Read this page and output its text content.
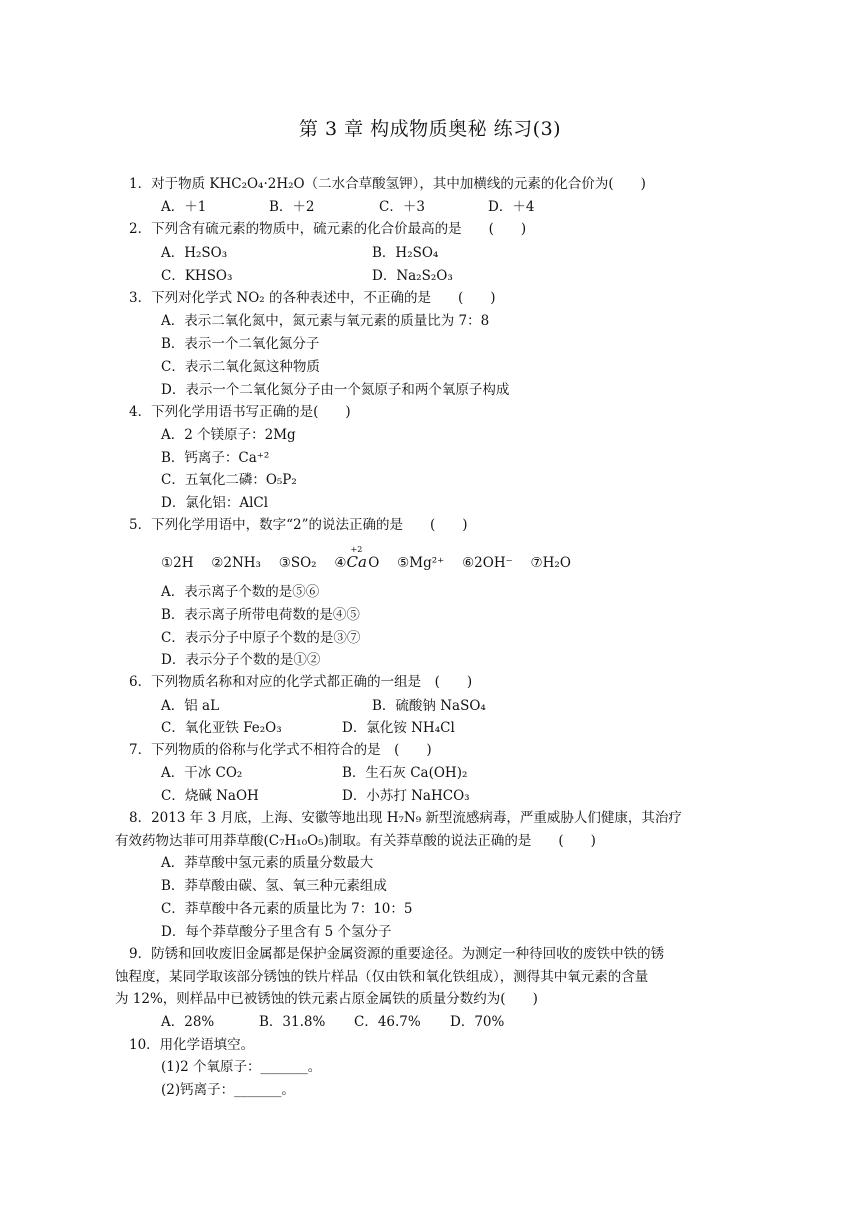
第 3 章 构成物质奥秘 练习(3)
1．对于物质 KHC₂O₄·2H₂O（二水合草酸氢钾），其中加横线的元素的化合价为(　　)
A．＋1	B．＋2	C．＋3	D．＋4
2．下列含有硫元素的物质中，硫元素的化合价最高的是　　(　　)
A．H₂SO₃	B．H₂SO₄
C．KHSO₃	D．Na₂S₂O₃
3．下列对化学式 NO₂ 的各种表述中，不正确的是　　(　　)
A．表示二氧化氮中，氮元素与氧元素的质量比为 7：8
B．表示一个二氧化氮分子
C．表示二氧化氮这种物质
D．表示一个二氧化氮分子由一个氮原子和两个氧原子构成
4．下列化学用语书写正确的是(　　)
A．2 个镁原子：2Mg
B．钙离子：Ca⁺²
C．五氧化二磷：O₅P₂
D．氯化铝：AlCl
5．下列化学用语中，数字“2”的说法正确的是　　(　　)
①2H  ②2NH₃  ③SO₂  ④
+2
Ca O  ⑤Mg²⁺  ⑥2OH⁻  ⑦H₂O
A．表示离子个数的是⑤⑥
B．表示离子所带电荷数的是④⑤
C．表示分子中原子个数的是③⑦
D．表示分子个数的是①②
6．下列物质名称和对应的化学式都正确的一组是　(　　)
A．铝 aL	B．硫酸钠 NaSO₄
C．氧化亚铁 Fe₂O₃	D．氯化铵 NH₄Cl
7．下列物质的俗称与化学式不相符合的是　(　　)
A．干冰 CO₂	B．生石灰 Ca(OH)₂
C．烧碱 NaOH	D．小苏打 NaHCO₃
8．2013 年 3 月底，上海、安徽等地出现 H₇N₉ 新型流感病毒，严重威胁人们健康，其治疗
有效药物达菲可用莽草酸(C₇H₁₀O₅)制取。有关莽草酸的说法正确的是　　(　　)
A．莽草酸中氢元素的质量分数最大
B．莽草酸由碳、氢、氧三种元素组成
C．莽草酸中各元素的质量比为 7：10：5
D．每个莽草酸分子里含有 5 个氢分子
9．防锈和回收废旧金属都是保护金属资源的重要途径。为测定一种待回收的废铁中铁的锈
蚀程度，某同学取该部分锈蚀的铁片样品（仅由铁和氧化铁组成），测得其中氧元素的含量
为 12%，则样品中已被锈蚀的铁元素占原金属铁的质量分数约为(　　)
A．28%	B．31.8% C．46.7% D．70%
10．用化学语填空。
(1)2 个氧原子：_______。
(2)钙离子：_______。
